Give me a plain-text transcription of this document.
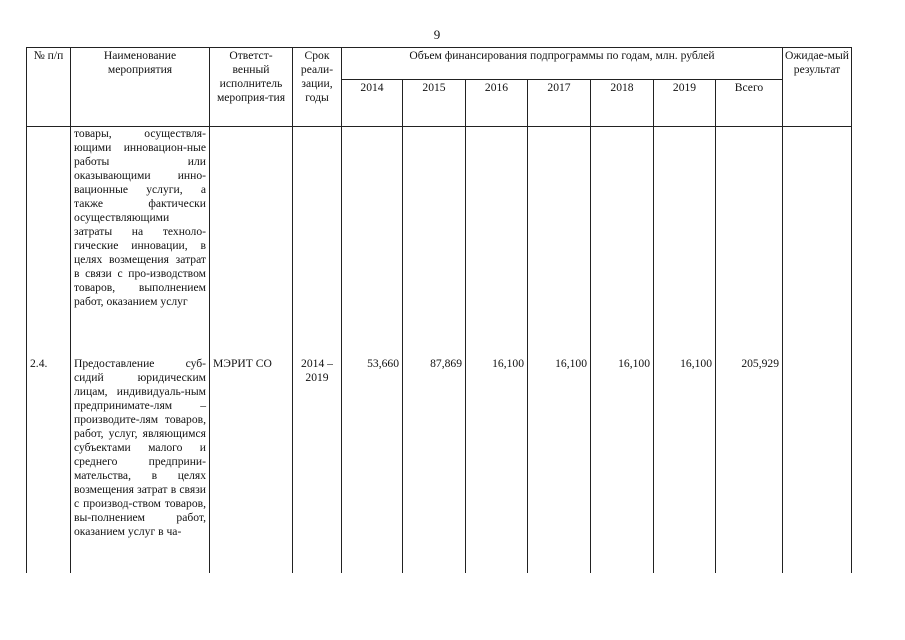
9
№ п/п	Наименование мероприятия	Ответст-венный исполнитель мероприя-тия	Срок реали-зации, годы	Объем финансирования подпрограммы по годам, млн. рублей							Ожидае-мый результат
				2014	2015	2016	2017	2018	2019	Всего	
	товары, осуществля-ющими инновацион-ные работы или оказывающими инно-вационные услуги, а также фактически осуществляющими затраты на техноло-гические инновации, в целях возмещения затрат в связи с про-изводством товаров, выполнением работ, оказанием услуг										

2.4.	Предоставление суб-сидий юридическим лицам, индивидуаль-ным предпринимате-лям – производите-лям товаров, работ, услуг, являющимся субъектами малого и среднего предприни-мательства, в целях возмещения затрат в связи с производ-ством товаров, вы-полнением работ, оказанием услуг в ча-	МЭРИТ СО	2014 – 2019	53,660	87,869	16,100	16,100	16,100	16,100	205,929	
